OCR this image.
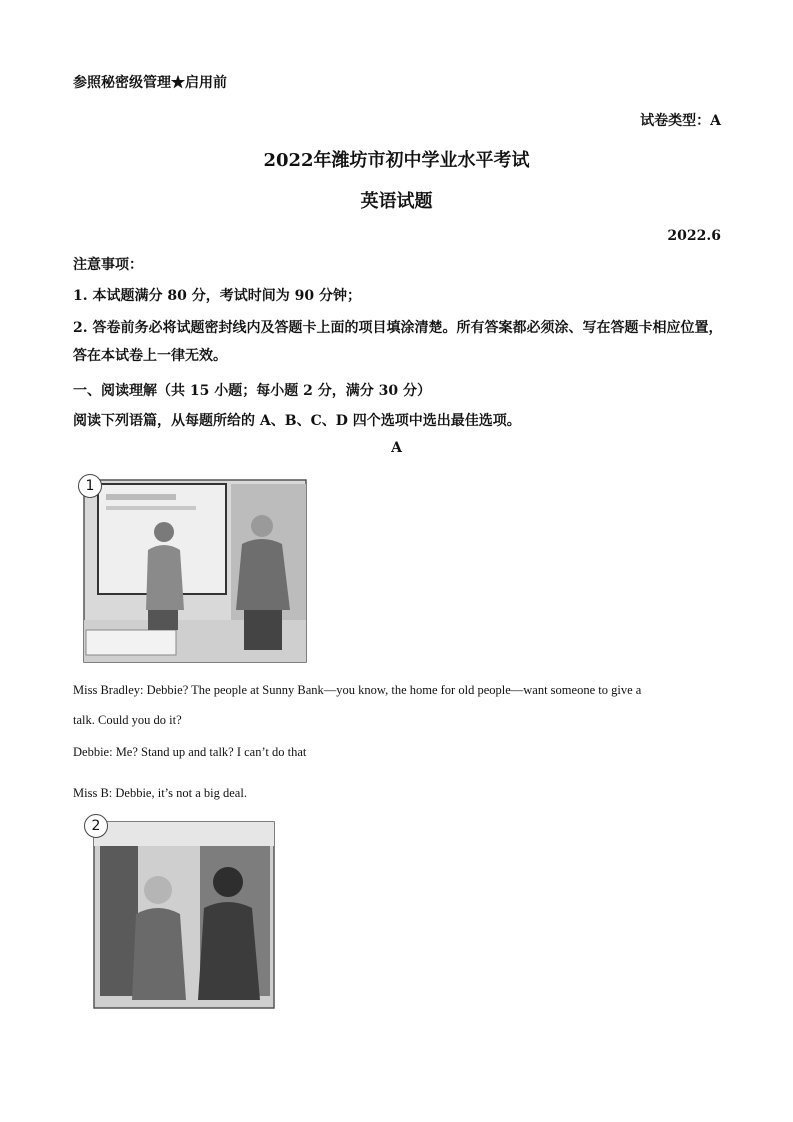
参照秘密级管理★启用前
试卷类型：A
2022年潍坊市初中学业水平考试
英语试题
2022.6
注意事项：
1. 本试题满分 80 分，考试时间为 90 分钟；
2. 答卷前务必将试题密封线内及答题卡上面的项目填涂清楚。所有答案都必须涂、写在答题卡相应位置，答在本试卷上一律无效。
一、阅读理解（共 15 小题；每小题 2 分，满分 30 分）
阅读下列语篇，从每题所给的 A、B、C、D 四个选项中选出最佳选项。
A
1
Miss Bradley: Debbie? The people at Sunny Bank—you know, the home for old people—want someone to give a
talk. Could you do it?
Debbie: Me? Stand up and talk? I can’t do that
Miss B: Debbie, it’s not a big deal.
2
